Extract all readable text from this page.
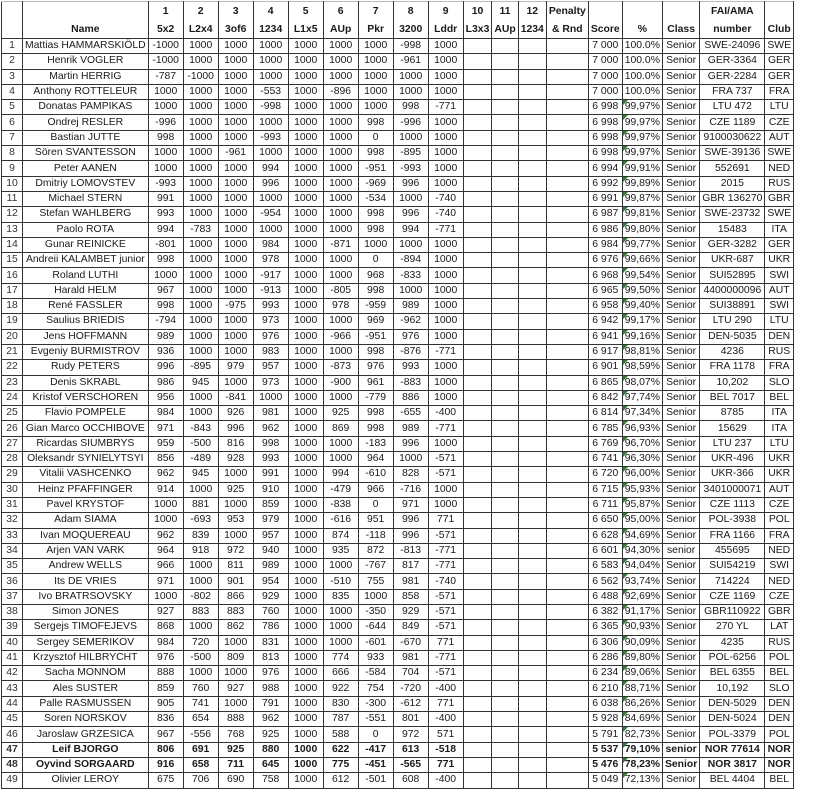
		1	2	3	4	5	6	7	8	9	10	11	12	Penalty				FAI/AMA	
	Name	5x2	L2x4	3of6	1234	L1x5	AUp	Pkr	3200	Lddr	L3x3	AUp	1234	& Rnd	Score	%	Class	number	Club
1	Mattias HAMMARSKIÖLD	-1000	1000	1000	1000	1000	1000	1000	-998	1000					7 000	100.0%	Senior	SWE-24096	SWE
2	Henrik VOGLER	-1000	1000	1000	1000	1000	1000	1000	-961	1000					7 000	100.0%	Senior	GER-3364	GER
3	Martin HERRIG	-787	-1000	1000	1000	1000	1000	1000	1000	1000					7 000	100.0%	Senior	GER-2284	GER
4	Anthony ROTTELEUR	1000	1000	1000	-553	1000	-896	1000	1000	1000					7 000	100.0%	Senior	FRA 737	FRA
5	Donatas PAMPIKAS	1000	1000	1000	-998	1000	1000	1000	998	-771					6 998	99,97%	Senior	LTU 472	LTU
6	Ondrej RESLER	-996	1000	1000	1000	1000	1000	998	-996	1000					6 998	99,97%	Senior	CZE 1189	CZE
7	Bastian JUTTE	998	1000	1000	-993	1000	1000	0	1000	1000					6 998	99,97%	Senior	9100030622	AUT
8	Sören SVANTESSON	1000	1000	-961	1000	1000	1000	998	-895	1000					6 998	99,97%	Senior	SWE-39136	SWE
9	Peter AANEN	1000	1000	1000	994	1000	1000	-951	-993	1000					6 994	99,91%	Senior	552691	NED
10	Dmitriy LOMOVSTEV	-993	1000	1000	996	1000	1000	-969	996	1000					6 992	99,89%	Senior	2015	RUS
11	Michael STERN	991	1000	1000	1000	1000	1000	-534	1000	-740					6 991	99,87%	Senior	GBR 136270	GBR
12	Stefan WAHLBERG	993	1000	1000	-954	1000	1000	998	996	-740					6 987	99,81%	Senior	SWE-23732	SWE
13	Paolo ROTA	994	-783	1000	1000	1000	1000	998	994	-771					6 986	99,80%	Senior	15483	ITA
14	Gunar REINICKE	-801	1000	1000	984	1000	-871	1000	1000	1000					6 984	99,77%	Senior	GER-3282	GER
15	Andreii KALAMBET junior	998	1000	1000	978	1000	1000	0	-894	1000					6 976	99,66%	Senior	UKR-687	UKR
16	Roland LUTHI	1000	1000	1000	-917	1000	1000	968	-833	1000					6 968	99,54%	Senior	SUI52895	SWI
17	Harald HELM	967	1000	1000	-913	1000	-805	998	1000	1000					6 965	99,50%	Senior	4400000096	AUT
18	René FASSLER	998	1000	-975	993	1000	978	-959	989	1000					6 958	99,40%	Senior	SUI38891	SWI
19	Saulius BRIEDIS	-794	1000	1000	973	1000	1000	969	-962	1000					6 942	99,17%	Senior	LTU 290	LTU
20	Jens HOFFMANN	989	1000	1000	976	1000	-966	-951	976	1000					6 941	99,16%	Senior	DEN-5035	DEN
21	Evgeniy BURMISTROV	936	1000	1000	983	1000	1000	998	-876	-771					6 917	98,81%	Senior	4236	RUS
22	Rudy PETERS	996	-895	979	957	1000	-873	976	993	1000					6 901	98,59%	Senior	FRA 1178	FRA
23	Denis SKRABL	986	945	1000	973	1000	-900	961	-883	1000					6 865	98,07%	Senior	10,202	SLO
24	Kristof VERSCHOREN	956	1000	-841	1000	1000	1000	-779	886	1000					6 842	97,74%	Senior	BEL 7017	BEL
25	Flavio POMPELE	984	1000	926	981	1000	925	998	-655	-400					6 814	97,34%	Senior	8785	ITA
26	Gian Marco OCCHIBOVE	971	-843	996	962	1000	869	998	989	-771					6 785	96,93%	Senior	15629	ITA
27	Ricardas SIUMBRYS	959	-500	816	998	1000	1000	-183	996	1000					6 769	96,70%	Senior	LTU 237	LTU
28	Oleksandr SYNIELYTSYI	856	-489	928	993	1000	1000	964	1000	-571					6 741	96,30%	Senior	UKR-496	UKR
29	Vitalii VASHCENKO	962	945	1000	991	1000	994	-610	828	-571					6 720	96,00%	Senior	UKR-366	UKR
30	Heinz PFAFFINGER	914	1000	925	910	1000	-479	966	-716	1000					6 715	95,93%	Senior	3401000071	AUT
31	Pavel KRYSTOF	1000	881	1000	859	1000	-838	0	971	1000					6 711	95,87%	Senior	CZE 1113	CZE
32	Adam SIAMA	1000	-693	953	979	1000	-616	951	996	771					6 650	95,00%	Senior	POL-3938	POL
33	Ivan MOQUEREAU	962	839	1000	957	1000	874	-118	996	-571					6 628	94,69%	Senior	FRA 1166	FRA
34	Arjen VAN VARK	964	918	972	940	1000	935	872	-813	-771					6 601	94,30%	senior	455695	NED
35	Andrew WELLS	966	1000	811	989	1000	1000	-767	817	-771					6 583	94,04%	Senior	SUI54219	SWI
36	Its DE VRIES	971	1000	901	954	1000	-510	755	981	-740					6 562	93,74%	Senior	714224	NED
37	Ivo BRATRSOVSKY	1000	-802	866	929	1000	835	1000	858	-571					6 488	92,69%	Senior	CZE 1169	CZE
38	Simon JONES	927	883	883	760	1000	1000	-350	929	-571					6 382	91,17%	Senior	GBR110922	GBR
39	Sergejs TIMOFEJEVS	868	1000	862	786	1000	1000	-644	849	-571					6 365	90,93%	Senior	270 YL	LAT
40	Sergey SEMERIKOV	984	720	1000	831	1000	1000	-601	-670	771					6 306	90,09%	Senior	4235	RUS
41	Krzysztof HILBRYCHT	976	-500	809	813	1000	774	933	981	-771					6 286	89,80%	Senior	POL-6256	POL
42	Sacha MONNOM	888	1000	1000	976	1000	666	-584	704	-571					6 234	89,06%	Senior	BEL 6355	BEL
43	Ales SUSTER	859	760	927	988	1000	922	754	-720	-400					6 210	88,71%	Senior	10,192	SLO
44	Palle RASMUSSEN	905	741	1000	791	1000	830	-300	-612	771					6 038	86,26%	Senior	DEN-5029	DEN
45	Soren NORSKOV	836	654	888	962	1000	787	-551	801	-400					5 928	84,69%	Senior	DEN-5024	DEN
46	Jaroslaw GRZESICA	967	-556	768	925	1000	588	0	972	571					5 791	82,73%	Senior	POL-3379	POL
47	Leif BJORGO	806	691	925	880	1000	622	-417	613	-518					5 537	79,10%	senior	NOR 77614	NOR
48	Oyvind SORGAARD	916	658	711	645	1000	775	-451	-565	771					5 476	78,23%	Senior	NOR 3817	NOR
49	Olivier LEROY	675	706	690	758	1000	612	-501	608	-400					5 049	72,13%	Senior	BEL 4404	BEL
